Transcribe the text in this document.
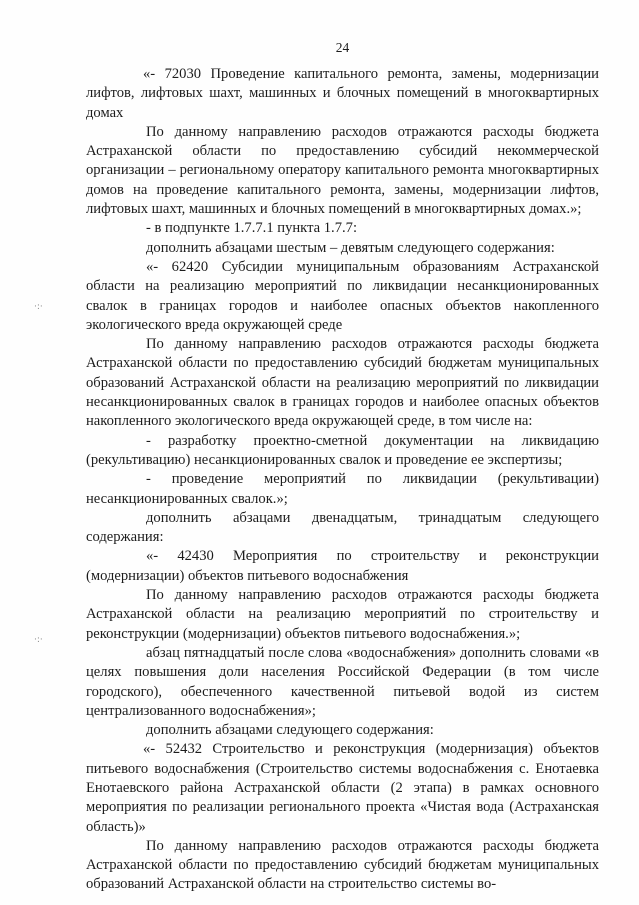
24

«- 72030 Проведение капитального ремонта, замены, модернизации лифтов, лифтовых шахт, машинных и блочных помещений в многоквартирных домах

По данному направлению расходов отражаются расходы бюджета Астраханской области по предоставлению субсидий некоммерческой организации – региональному оператору капитального ремонта многоквартирных домов на проведение капитального ремонта, замены, модернизации лифтов, лифтовых шахт, машинных и блочных помещений в многоквартирных домах.»;

- в подпункте 1.7.7.1 пункта 1.7.7:

дополнить абзацами шестым – девятым следующего содержания:

«- 62420 Субсидии муниципальным образованиям Астраханской области на реализацию мероприятий по ликвидации несанкционированных свалок в границах городов и наиболее опасных объектов накопленного экологического вреда окружающей среде

По данному направлению расходов отражаются расходы бюджета Астраханской области по предоставлению субсидий бюджетам муниципальных образований Астраханской области на реализацию мероприятий по ликвидации несанкционированных свалок в границах городов и наиболее опасных объектов накопленного экологического вреда окружающей среде, в том числе на:

- разработку проектно-сметной документации на ликвидацию (рекультивацию) несанкционированных свалок и проведение ее экспертизы;

- проведение мероприятий по ликвидации (рекультивации) несанкционированных свалок.»;

дополнить абзацами двенадцатым, тринадцатым следующего содержания:

«- 42430 Мероприятия по строительству и реконструкции (модернизации) объектов питьевого водоснабжения

По данному направлению расходов отражаются расходы бюджета Астраханской области на реализацию мероприятий по строительству и реконструкции (модернизации) объектов питьевого водоснабжения.»;

абзац пятнадцатый после слова «водоснабжения» дополнить словами «в целях повышения доли населения Российской Федерации (в том числе городского), обеспеченного качественной питьевой водой из систем централизованного водоснабжения»;

дополнить абзацами следующего содержания:

«- 52432 Строительство и реконструкция (модернизация) объектов питьевого водоснабжения (Строительство системы водоснабжения с. Енотаевка Енотаевского района Астраханской области (2 этапа) в рамках основного мероприятия по реализации регионального проекта «Чистая вода (Астраханская область)»

По данному направлению расходов отражаются расходы бюджета Астраханской области по предоставлению субсидий бюджетам муниципальных образований Астраханской области на строительство системы во-

·:·
·:·
